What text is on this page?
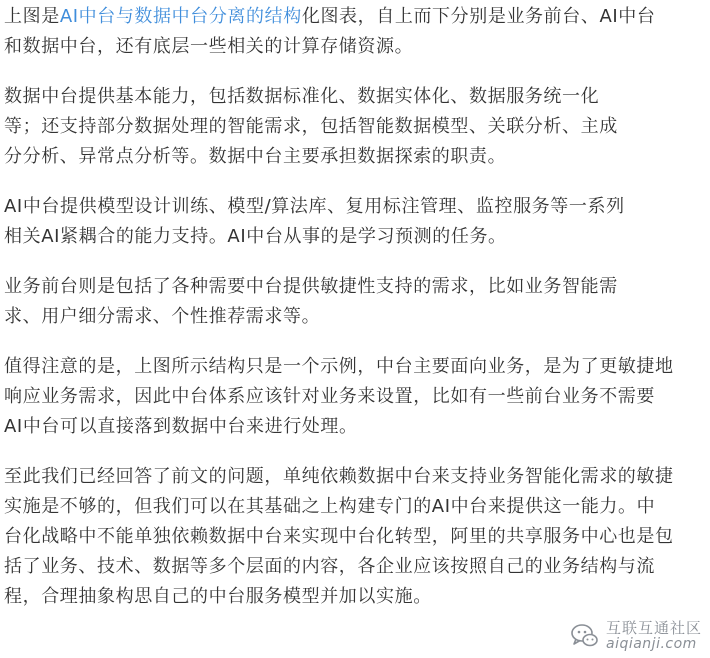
上图是AI中台与数据中台分离的结构化图表，自上而下分别是业务前台、AI中台
和数据中台，还有底层一些相关的计算存储资源。

数据中台提供基本能力，包括数据标准化、数据实体化、数据服务统一化
等；还支持部分数据处理的智能需求，包括智能数据模型、关联分析、主成
分分析、异常点分析等。数据中台主要承担数据探索的职责。

AI中台提供模型设计训练、模型/算法库、复用标注管理、监控服务等一系列
相关AI紧耦合的能力支持。AI中台从事的是学习预测的任务。

业务前台则是包括了各种需要中台提供敏捷性支持的需求，比如业务智能需
求、用户细分需求、个性推荐需求等。

值得注意的是，上图所示结构只是一个示例，中台主要面向业务，是为了更敏捷地
响应业务需求，因此中台体系应该针对业务来设置，比如有一些前台业务不需要
AI中台可以直接落到数据中台来进行处理。

至此我们已经回答了前文的问题，单纯依赖数据中台来支持业务智能化需求的敏捷
实施是不够的，但我们可以在其基础之上构建专门的AI中台来提供这一能力。中
台化战略中不能单独依赖数据中台来实现中台化转型，阿里的共享服务中心也是包
括了业务、技术、数据等多个层面的内容，各企业应该按照自己的业务结构与流
程，合理抽象构思自己的中台服务模型并加以实施。

互联互通社区
aiqianji.com
